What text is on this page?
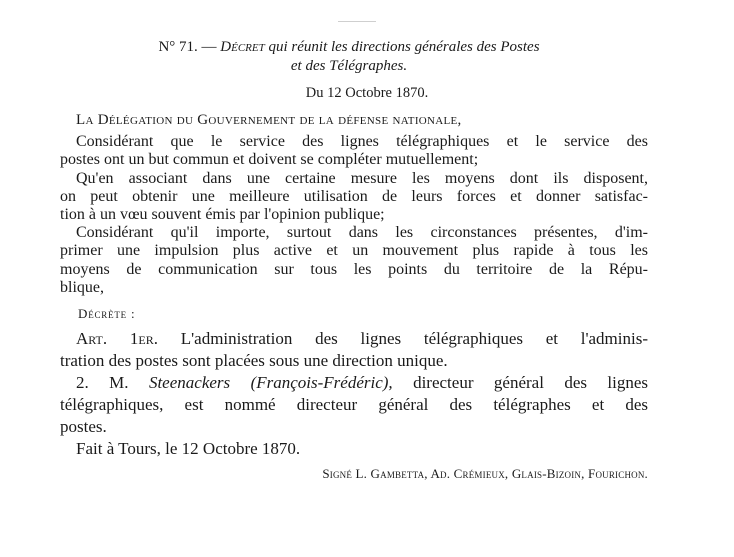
N° 71. — Décret qui réunit les directions générales des Postes
et des Télégraphes.
Du 12 Octobre 1870.
La Délégation du Gouvernement de la défense nationale,
Considérant que le service des lignes télégraphiques et le service des
postes ont un but commun et doivent se compléter mutuellement;
Qu'en associant dans une certaine mesure les moyens dont ils disposent,
on peut obtenir une meilleure utilisation de leurs forces et donner satisfac-
tion à un vœu souvent émis par l'opinion publique;
Considérant qu'il importe, surtout dans les circonstances présentes, d'im-
primer une impulsion plus active et un mouvement plus rapide à tous les
moyens de communication sur tous les points du territoire de la Répu-
blique,
Décrète :
Art. 1er. L'administration des lignes télégraphiques et l'adminis-
tration des postes sont placées sous une direction unique.
2. M. Steenackers (François-Frédéric), directeur général des lignes
télégraphiques, est nommé directeur général des télégraphes et des
postes.
Fait à Tours, le 12 Octobre 1870.
Signé L. Gambetta, Ad. Crémieux, Glais-Bizoin, Fourichon.
